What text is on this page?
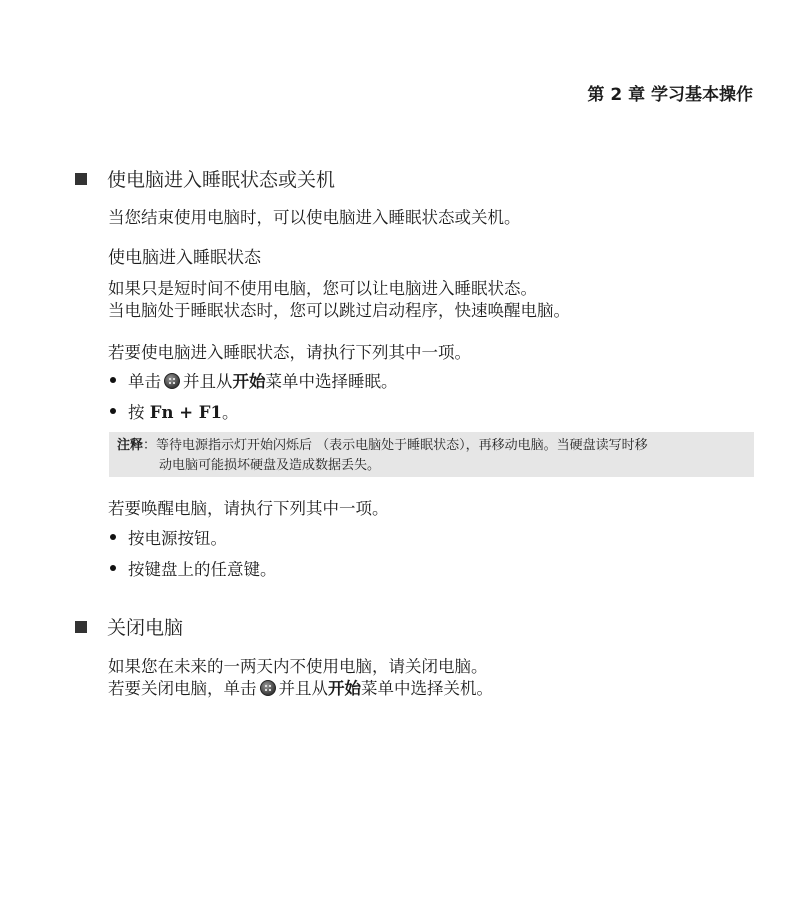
第 2 章 学习基本操作
使电脑进入睡眠状态或关机
当您结束使用电脑时，可以使电脑进入睡眠状态或关机。
使电脑进入睡眠状态
如果只是短时间不使用电脑，您可以让电脑进入睡眠状态。
当电脑处于睡眠状态时，您可以跳过启动程序，快速唤醒电脑。
若要使电脑进入睡眠状态，请执行下列其中一项。
单击 并且从开始菜单中选择睡眠。
按 Fn + F1。
注释：等待电源指示灯开始闪烁后 （表示电脑处于睡眠状态），再移动电脑。当硬盘读写时移
动电脑可能损坏硬盘及造成数据丢失。
若要唤醒电脑，请执行下列其中一项。
按电源按钮。
按键盘上的任意键。
关闭电脑
如果您在未来的一两天内不使用电脑，请关闭电脑。
若要关闭电脑，单击 并且从开始菜单中选择关机。
